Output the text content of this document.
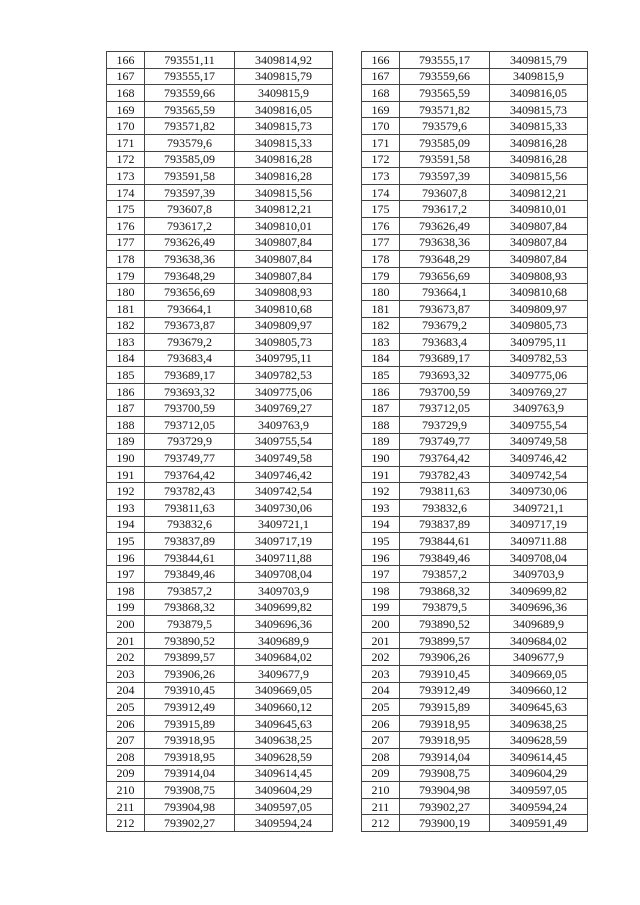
166	793551,11	3409814,92
167	793555,17	3409815,79
168	793559,66	3409815,9
169	793565,59	3409816,05
170	793571,82	3409815,73
171	793579,6	3409815,33
172	793585,09	3409816,28
173	793591,58	3409816,28
174	793597,39	3409815,56
175	793607,8	3409812,21
176	793617,2	3409810,01
177	793626,49	3409807,84
178	793638,36	3409807,84
179	793648,29	3409807,84
180	793656,69	3409808,93
181	793664,1	3409810,68
182	793673,87	3409809,97
183	793679,2	3409805,73
184	793683,4	3409795,11
185	793689,17	3409782,53
186	793693,32	3409775,06
187	793700,59	3409769,27
188	793712,05	3409763,9
189	793729,9	3409755,54
190	793749,77	3409749,58
191	793764,42	3409746,42
192	793782,43	3409742,54
193	793811,63	3409730,06
194	793832,6	3409721,1
195	793837,89	3409717,19
196	793844,61	3409711,88
197	793849,46	3409708,04
198	793857,2	3409703,9
199	793868,32	3409699,82
200	793879,5	3409696,36
201	793890,52	3409689,9
202	793899,57	3409684,02
203	793906,26	3409677,9
204	793910,45	3409669,05
205	793912,49	3409660,12
206	793915,89	3409645,63
207	793918,95	3409638,25
208	793918,95	3409628,59
209	793914,04	3409614,45
210	793908,75	3409604,29
211	793904,98	3409597,05
212	793902,27	3409594,24
166	793555,17	3409815,79
167	793559,66	3409815,9
168	793565,59	3409816,05
169	793571,82	3409815,73
170	793579,6	3409815,33
171	793585,09	3409816,28
172	793591,58	3409816,28
173	793597,39	3409815,56
174	793607,8	3409812,21
175	793617,2	3409810,01
176	793626,49	3409807,84
177	793638,36	3409807,84
178	793648,29	3409807,84
179	793656,69	3409808,93
180	793664,1	3409810,68
181	793673,87	3409809,97
182	793679,2	3409805,73
183	793683,4	3409795,11
184	793689,17	3409782,53
185	793693,32	3409775,06
186	793700,59	3409769,27
187	793712,05	3409763,9
188	793729,9	3409755,54
189	793749,77	3409749,58
190	793764,42	3409746,42
191	793782,43	3409742,54
192	793811,63	3409730,06
193	793832,6	3409721,1
194	793837,89	3409717,19
195	793844,61	3409711.88
196	793849,46	3409708,04
197	793857,2	3409703,9
198	793868,32	3409699,82
199	793879,5	3409696,36
200	793890,52	3409689,9
201	793899,57	3409684,02
202	793906,26	3409677,9
203	793910,45	3409669,05
204	793912,49	3409660,12
205	793915,89	3409645,63
206	793918,95	3409638,25
207	793918,95	3409628,59
208	793914,04	3409614,45
209	793908,75	3409604,29
210	793904,98	3409597,05
211	793902,27	3409594,24
212	793900,19	3409591,49
